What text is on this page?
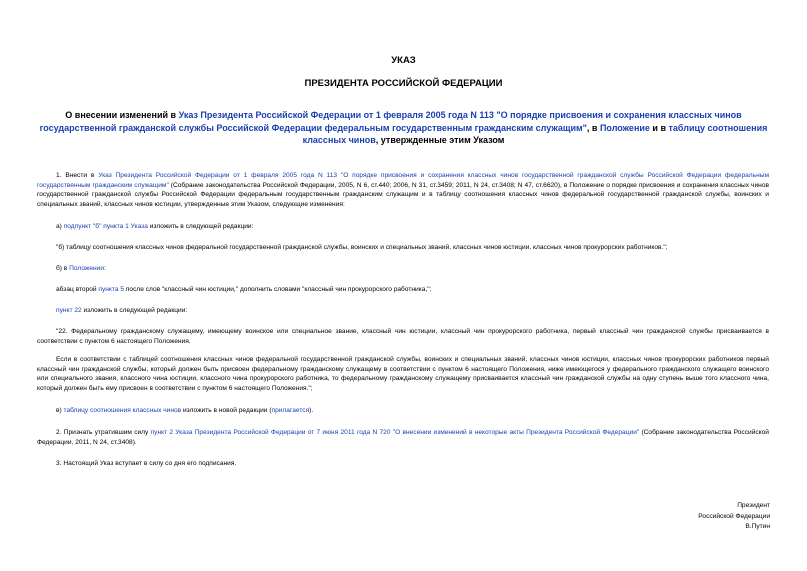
УКАЗ
ПРЕЗИДЕНТА РОССИЙСКОЙ ФЕДЕРАЦИИ
О внесении изменений в Указ Президента Российской Федерации от 1 февраля 2005 года N 113 "О порядке присвоения и сохранения классных чинов государственной гражданской службы Российской Федерации федеральным государственным гражданским служащим", в Положение и в таблицу соотношения классных чинов, утвержденные этим Указом
1. Внести в Указ Президента Российской Федерации от 1 февраля 2005 года N 113 "О порядке присвоения и сохранения классных чинов государственной гражданской службы Российской Федерации федеральным государственным гражданским служащим" (Собрание законодательства Российской Федерации, 2005, N 6, ст.440; 2006, N 31, ст.3459; 2011, N 24, ст.3408; N 47, ст.6620), в Положение о порядке присвоения и сохранения классных чинов государственной гражданской службы Российской Федерации федеральным государственным гражданским служащим и в таблицу соотношения классных чинов федеральной государственной гражданской службы, воинских и специальных званий, классных чинов юстиции, утвержденные этим Указом, следующие изменения:
а) подпункт "б" пункта 1 Указа изложить в следующей редакции:
"б) таблицу соотношения классных чинов федеральной государственной гражданской службы, воинских и специальных званий, классных чинов юстиции, классных чинов прокурорских работников.";
б) в Положении:
абзац второй пункта 5 после слов "классный чин юстиции," дополнить словами "классный чин прокурорского работника,";
пункт 22 изложить в следующей редакции:
"22. Федеральному гражданскому служащему, имеющему воинское или специальное звание, классный чин юстиции, классный чин прокурорского работника, первый классный чин гражданской службы присваивается в соответствии с пунктом 6 настоящего Положения.
Если в соответствии с таблицей соотношения классных чинов федеральной государственной гражданской службы, воинских и специальных званий, классных чинов юстиции, классных чинов прокурорских работников первый классный чин гражданской службы, который должен быть присвоен федеральному гражданскому служащему в соответствии с пунктом 6 настоящего Положения, ниже имеющегося у федерального гражданского служащего воинского или специального звания, классного чина юстиции, классного чина прокурорского работника, то федеральному гражданскому служащему присваивается классный чин гражданской службы на одну ступень выше того классного чина, который должен быть ему присвоен в соответствии с пунктом 6 настоящего Положения.";
в) таблицу соотношения классных чинов изложить в новой редакции (прилагается).
2. Признать утратившим силу пункт 2 Указа Президента Российской Федерации от 7 июня 2011 года N 720 "О внесении изменений в некоторые акты Президента Российской Федерации" (Собрание законодательства Российской Федерации, 2011, N 24, ст.3408).
3. Настоящий Указ вступает в силу со дня его подписания.
Президент
Российской Федерации
В.Путин
